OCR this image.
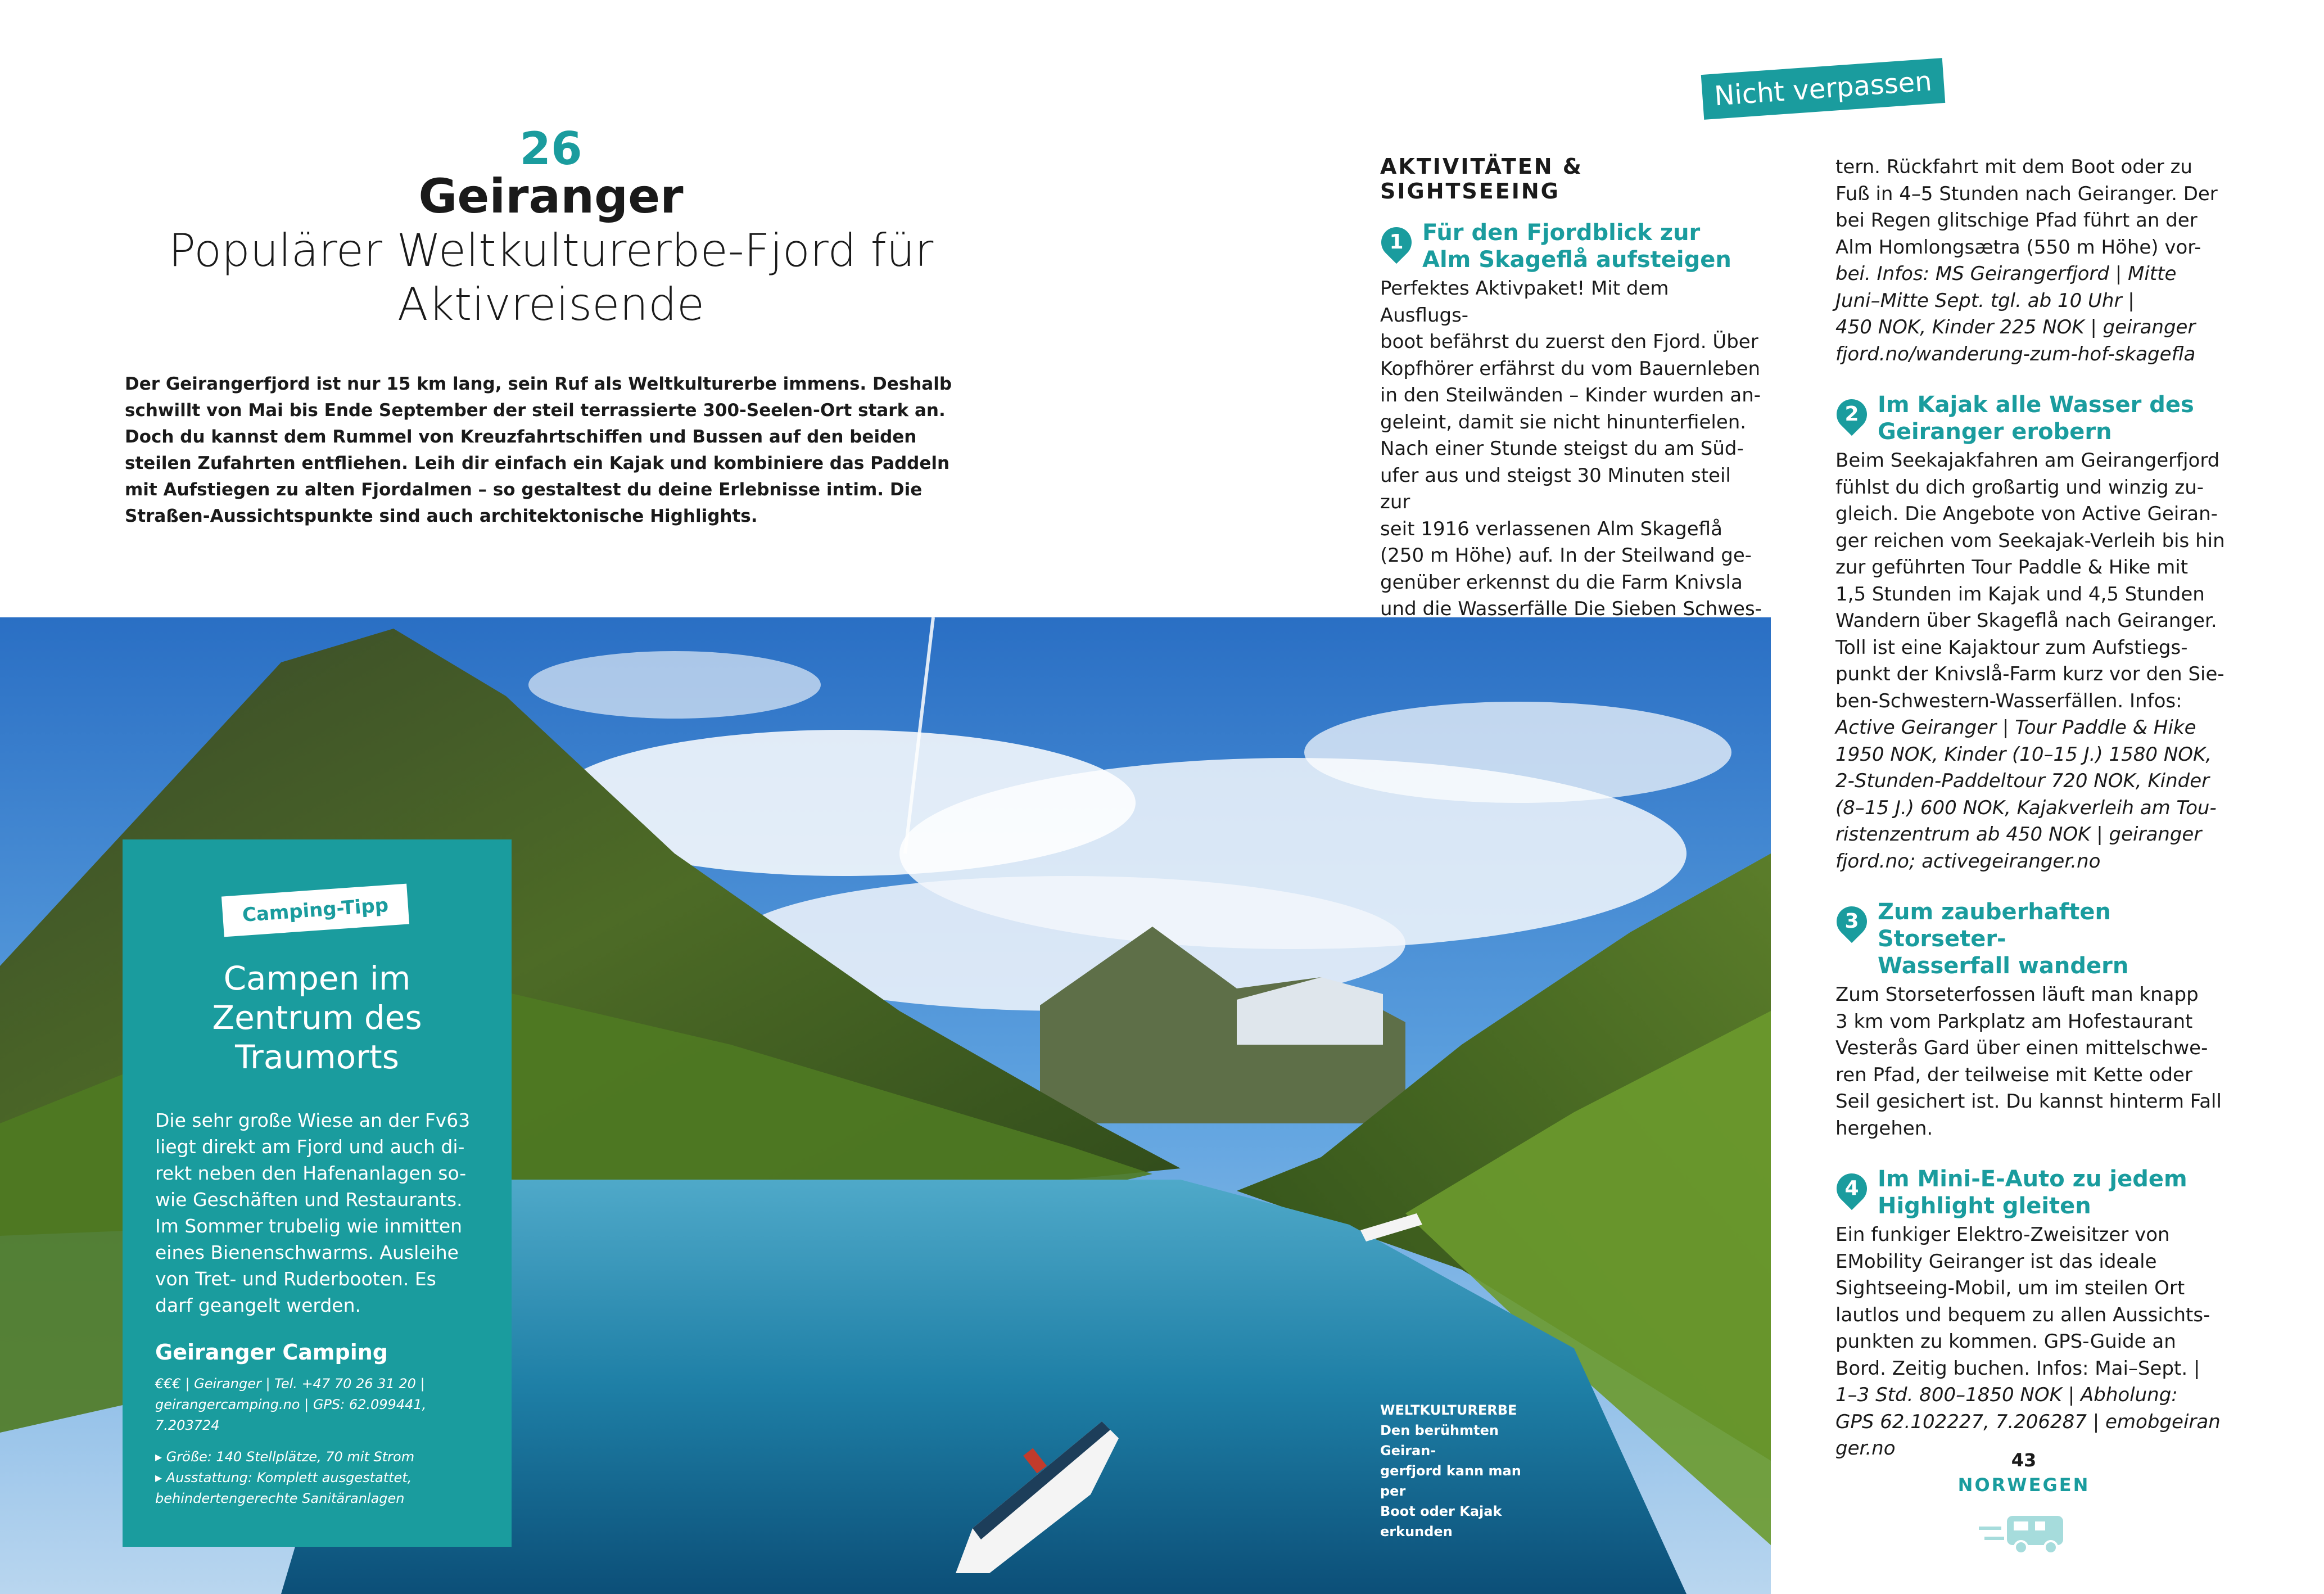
Nicht verpassen
26
Geiranger
Populärer Weltkulturerbe-Fjord für
Aktivreisende
Der Geirangerfjord ist nur 15 km lang, sein Ruf als Weltkulturerbe immens. Deshalb
schwillt von Mai bis Ende September der steil terrassierte 300-Seelen-Ort stark an.
Doch du kannst dem Rummel von Kreuzfahrtschiffen und Bussen auf den beiden
steilen Zufahrten entfliehen. Leih dir einfach ein Kajak und kombiniere das Paddeln
mit Aufstiegen zu alten Fjordalmen – so gestaltest du deine Erlebnisse intim. Die
Straßen-Aussichtspunkte sind auch architektonische Highlights.
Camping-Tipp
Campen im
Zentrum des
Traumorts
Die sehr große Wiese an der Fv63
liegt direkt am Fjord und auch di-
rekt neben den Hafenanlagen so-
wie Geschäften und Restaurants.
Im Sommer trubelig wie inmitten
eines Bienenschwarms. Ausleihe
von Tret- und Ruderbooten. Es
darf geangelt werden.
Geiranger Camping
€€€ | Geiranger | Tel. +47 70 26 31 20 |
geirangercamping.no | GPS: 62.099441,
7.203724
▸ Größe: 140 Stellplätze, 70 mit Strom
▸ Ausstattung: Komplett ausgestattet,
behindertengerechte Sanitäranlagen
WELTKULTURERBE
Den berühmten Geiran-
gerfjord kann man per
Boot oder Kajak
erkunden
AKTIVITÄTEN & SIGHTSEEING
1 Für den Fjordblick zur
Alm Skageflå aufsteigen

Perfektes Aktivpaket! Mit dem Ausflugs-

boot befährst du zuerst den Fjord. Über

Kopfhörer erfährst du vom Bauernleben

in den Steilwänden – Kinder wurden an-

geleint, damit sie nicht hinunterfielen.

Nach einer Stunde steigst du am Süd-

ufer aus und steigst 30 Minuten steil zur

seit 1916 verlassenen Alm Skageflå

(250 m Höhe) auf. In der Steilwand ge-

genüber erkennst du die Farm Knivsla

und die Wasserfälle Die Sieben Schwes-

tern. Rückfahrt mit dem Boot oder zu

Fuß in 4–5 Stunden nach Geiranger. Der

bei Regen glitschige Pfad führt an der

Alm Homlongsætra (550 m Höhe) vor-

bei. Infos: MS Geirangerfjord | Mitte

Juni–Mitte Sept. tgl. ab 10 Uhr |

450 NOK, Kinder 225 NOK | geiranger

fjord.no/wanderung-zum-hof-skagefla

2 Im Kajak alle Wasser des
Geiranger erobern

Beim Seekajakfahren am Geirangerfjord

fühlst du dich großartig und winzig zu-

gleich. Die Angebote von Active Geiran-

ger reichen vom Seekajak-Verleih bis hin

zur geführten Tour Paddle & Hike mit

1,5 Stunden im Kajak und 4,5 Stunden

Wandern über Skageflå nach Geiranger.

Toll ist eine Kajaktour zum Aufstiegs-

punkt der Knivslå-Farm kurz vor den Sie-

ben-Schwestern-Wasserfällen. Infos:

Active Geiranger | Tour Paddle & Hike

1950 NOK, Kinder (10–15 J.) 1580 NOK,

2-Stunden-Paddeltour 720 NOK, Kinder

(8–15 J.) 600 NOK, Kajakverleih am Tou-

ristenzentrum ab 450 NOK | geiranger

fjord.no; activegeiranger.no

3 Zum zauberhaften Storseter-
Wasserfall wandern

Zum Storseterfossen läuft man knapp

3 km vom Parkplatz am Hofestaurant

Vesterås Gard über einen mittelschwe-

ren Pfad, der teilweise mit Kette oder

Seil gesichert ist. Du kannst hinterm Fall

hergehen.

4 Im Mini-E-Auto zu jedem
Highlight gleiten

Ein funkiger Elektro-Zweisitzer von

EMobility Geiranger ist das ideale

Sightseeing-Mobil, um im steilen Ort

lautlos und bequem zu allen Aussichts-

punkten zu kommen. GPS-Guide an

Bord. Zeitig buchen. Infos: Mai–Sept. |

1–3 Std. 800–1850 NOK | Abholung:

GPS 62.102227, 7.206287 | emobgeiran

ger.no

43
NORWEGEN
